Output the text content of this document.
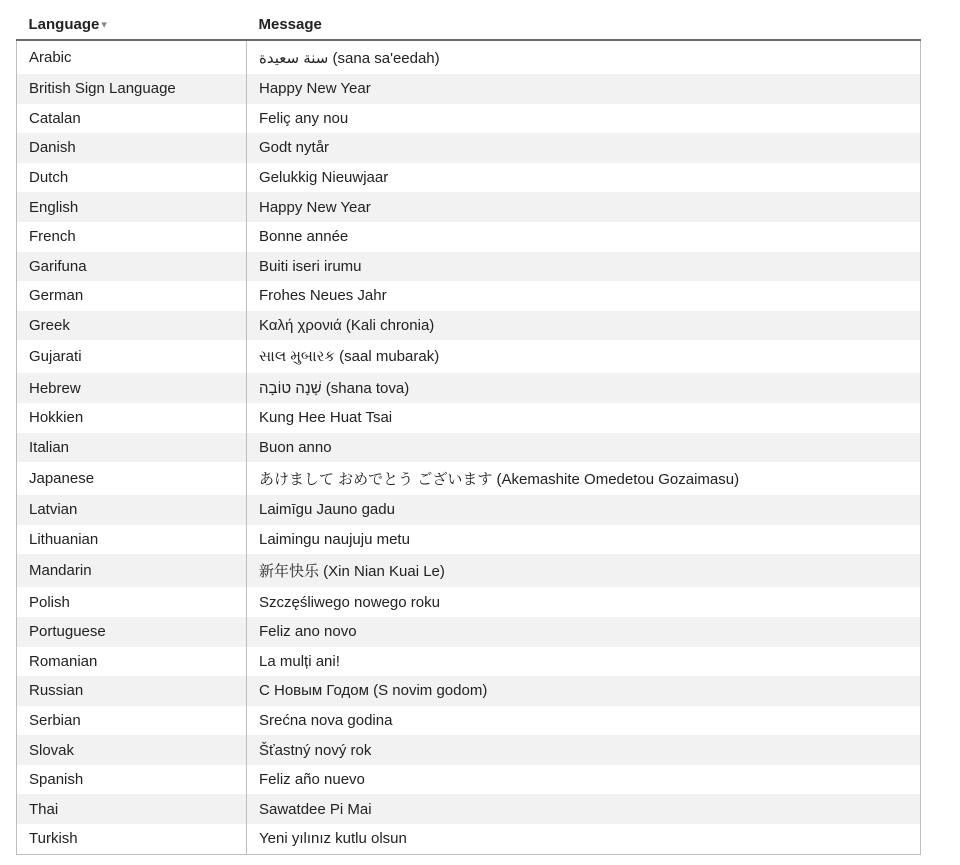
Language ▾	Message
Arabic	سنة سعيدة (sana sa'eedah)
British Sign Language	Happy New Year
Catalan	Feliç any nou
Danish	Godt nytår
Dutch	Gelukkig Nieuwjaar
English	Happy New Year
French	Bonne année
Garifuna	Buiti iseri irumu
German	Frohes Neues Jahr
Greek	Καλή χρονιά (Kali chronia)
Gujarati	સાલ મુબારક (saal mubarak)
Hebrew	שָׁנָה טוֹבָה (shana tova)
Hokkien	Kung Hee Huat Tsai
Italian	Buon anno
Japanese	あけまして おめでとう ございます (Akemashite Omedetou Gozaimasu)
Latvian	Laimīgu Jauno gadu
Lithuanian	Laimingu naujuju metu
Mandarin	新年快乐 (Xin Nian Kuai Le)
Polish	Szczęśliwego nowego roku
Portuguese	Feliz ano novo
Romanian	La mulți ani!
Russian	С Новым Годом (S novim godom)
Serbian	Srećna nova godina
Slovak	Šťastný nový rok
Spanish	Feliz año nuevo
Thai	Sawatdee Pi Mai
Turkish	Yeni yılınız kutlu olsun
